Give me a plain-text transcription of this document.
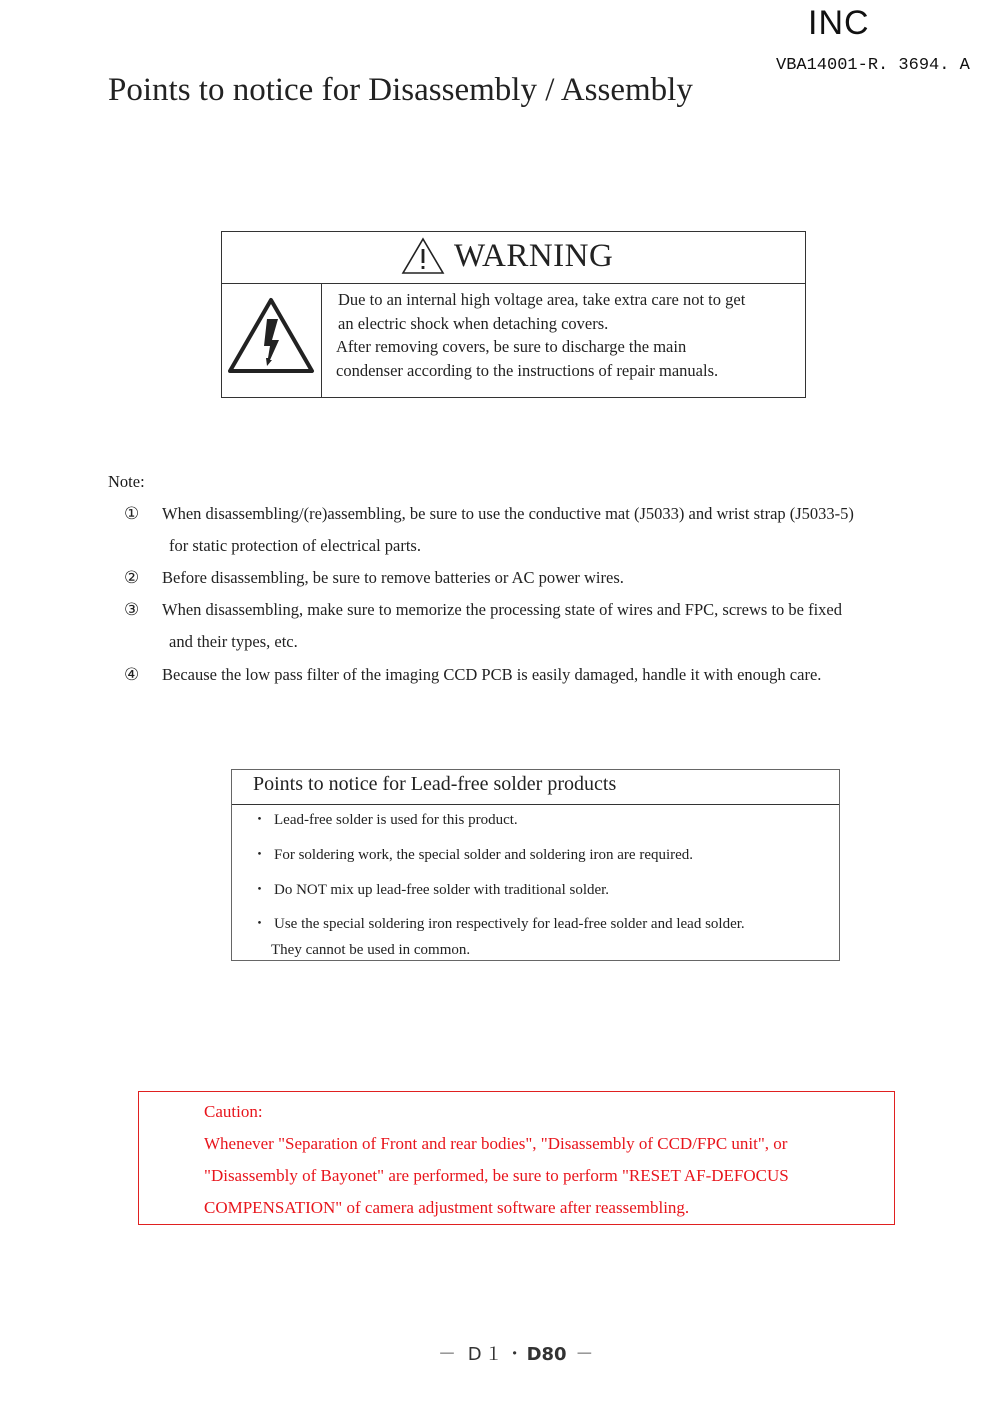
INC
VBA14001-R. 3694. A
Points to notice for Disassembly / Assembly
WARNING
Due to an internal high voltage area, take extra care not to get
an electric shock when detaching covers.
After removing covers, be sure to discharge the main
condenser according to the instructions of repair manuals.
Note:
① When disassembling/(re)assembling, be sure to use the conductive mat (J5033) and wrist strap (J5033-5)
for static protection of electrical parts.
② Before disassembling, be sure to remove batteries or AC power wires.
③ When disassembling, make sure to memorize the processing state of wires and FPC, screws to be fixed
and their types, etc.
④ Because the low pass filter of the imaging CCD PCB is easily damaged, handle it with enough care.
Points to notice for Lead-free solder products
・ Lead-free solder is used for this product.
・ For soldering work, the special solder and soldering iron are required.
・ Do NOT mix up lead-free solder with traditional solder.
・ Use the special soldering iron respectively for lead-free solder and lead solder.
They cannot be used in common.
Caution:
Whenever "Separation of Front and rear bodies", "Disassembly of CCD/FPC unit", or
"Disassembly of Bayonet" are performed, be sure to perform "RESET AF-DEFOCUS
COMPENSATION" of camera adjustment software after reassembling.
－ D１・D80 －
